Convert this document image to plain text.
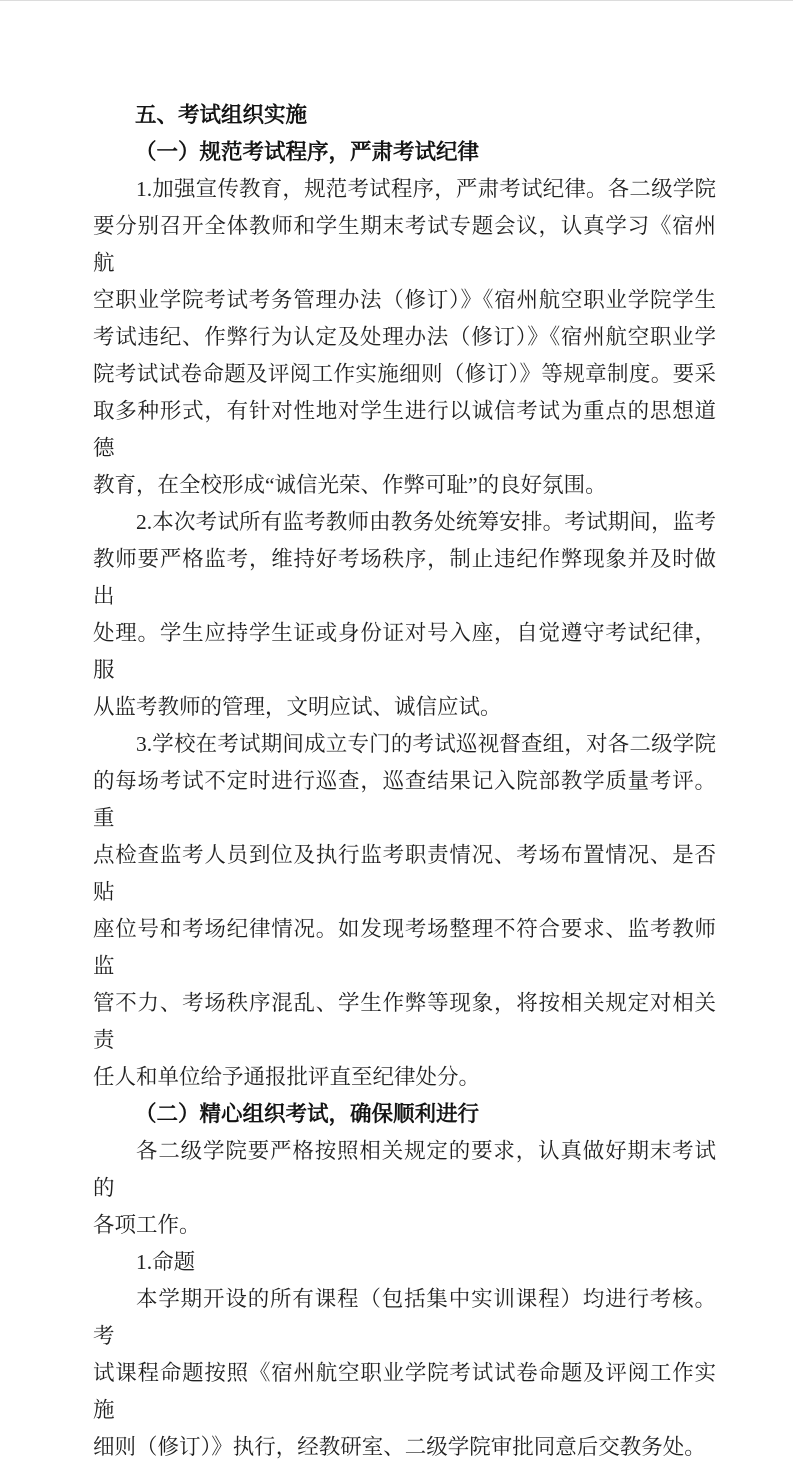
五、考试组织实施
（一）规范考试程序，严肃考试纪律
1.加强宣传教育，规范考试程序，严肃考试纪律。各二级学院
要分别召开全体教师和学生期末考试专题会议，认真学习《宿州航
空职业学院考试考务管理办法（修订）》《宿州航空职业学院学生
考试违纪、作弊行为认定及处理办法（修订）》《宿州航空职业学
院考试试卷命题及评阅工作实施细则（修订）》等规章制度。要采
取多种形式，有针对性地对学生进行以诚信考试为重点的思想道德
教育，在全校形成“诚信光荣、作弊可耻”的良好氛围。
2.本次考试所有监考教师由教务处统筹安排。考试期间，监考
教师要严格监考，维持好考场秩序，制止违纪作弊现象并及时做出
处理。学生应持学生证或身份证对号入座，自觉遵守考试纪律，服
从监考教师的管理，文明应试、诚信应试。
3.学校在考试期间成立专门的考试巡视督查组，对各二级学院
的每场考试不定时进行巡查，巡查结果记入院部教学质量考评。重
点检查监考人员到位及执行监考职责情况、考场布置情况、是否贴
座位号和考场纪律情况。如发现考场整理不符合要求、监考教师监
管不力、考场秩序混乱、学生作弊等现象，将按相关规定对相关责
任人和单位给予通报批评直至纪律处分。
（二）精心组织考试，确保顺利进行
各二级学院要严格按照相关规定的要求，认真做好期末考试的
各项工作。
1.命题
本学期开设的所有课程（包括集中实训课程）均进行考核。考
试课程命题按照《宿州航空职业学院考试试卷命题及评阅工作实施
细则（修订）》执行，经教研室、二级学院审批同意后交教务处。
